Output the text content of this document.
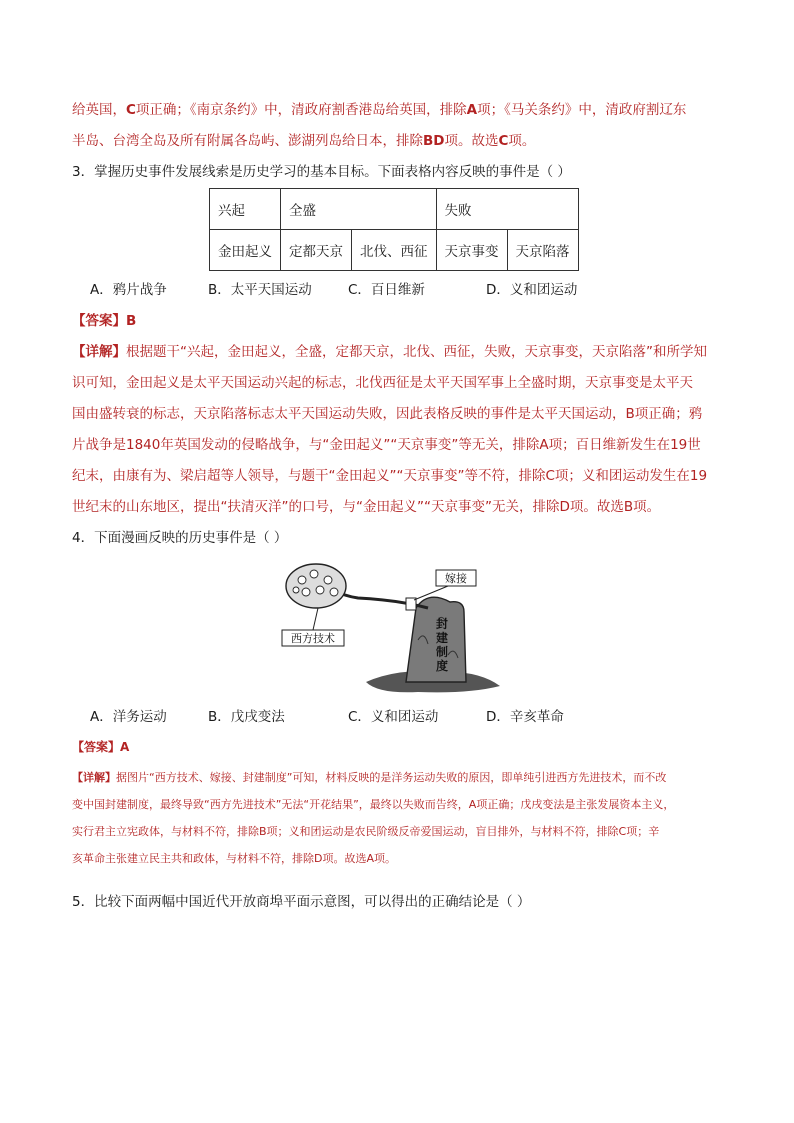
给英国，C项正确；《南京条约》中，清政府割香港岛给英国，排除A项；《马关条约》中，清政府割辽东
半岛、台湾全岛及所有附属各岛屿、澎湖列岛给日本，排除BD项。故选C项。
3．掌握历史事件发展线索是历史学习的基本目标。下面表格内容反映的事件是（ ）
兴起	全盛		失败	
金田起义	定都天京	北伐、西征	天京事变	天京陷落
A．鸦片战争	B．太平天国运动	C．百日维新	D．义和团运动
【答案】B
【详解】根据题干“兴起，金田起义，全盛，定都天京，北伐、西征，失败，天京事变，天京陷落”和所学知
识可知，金田起义是太平天国运动兴起的标志，北伐西征是太平天国军事上全盛时期，天京事变是太平天
国由盛转衰的标志，天京陷落标志太平天国运动失败，因此表格反映的事件是太平天国运动，B项正确；鸦
片战争是1840年英国发动的侵略战争，与“金田起义”“天京事变”等无关，排除A项；百日维新发生在19世
纪末，由康有为、梁启超等人领导，与题干“金田起义”“天京事变”等不符，排除C项；义和团运动发生在19
世纪末的山东地区，提出“扶清灭洋”的口号，与“金田起义”“天京事变”无关，排除D项。故选B项。
4．下面漫画反映的历史事件是（ ）
嫁接
西方技术
封
建
制
度
A．洋务运动	B．戊戌变法	C．义和团运动	D．辛亥革命
【答案】A
【详解】据图片“西方技术、嫁接、封建制度”可知，材料反映的是洋务运动失败的原因，即单纯引进西方先进技术，而不改
变中国封建制度，最终导致“西方先进技术”无法“开花结果”，最终以失败而告终，A项正确；戊戌变法是主张发展资本主义，
实行君主立宪政体，与材料不符，排除B项；义和团运动是农民阶级反帝爱国运动，盲目排外，与材料不符，排除C项；辛
亥革命主张建立民主共和政体，与材料不符，排除D项。故选A项。
5．比较下面两幅中国近代开放商埠平面示意图，可以得出的正确结论是（ ）
